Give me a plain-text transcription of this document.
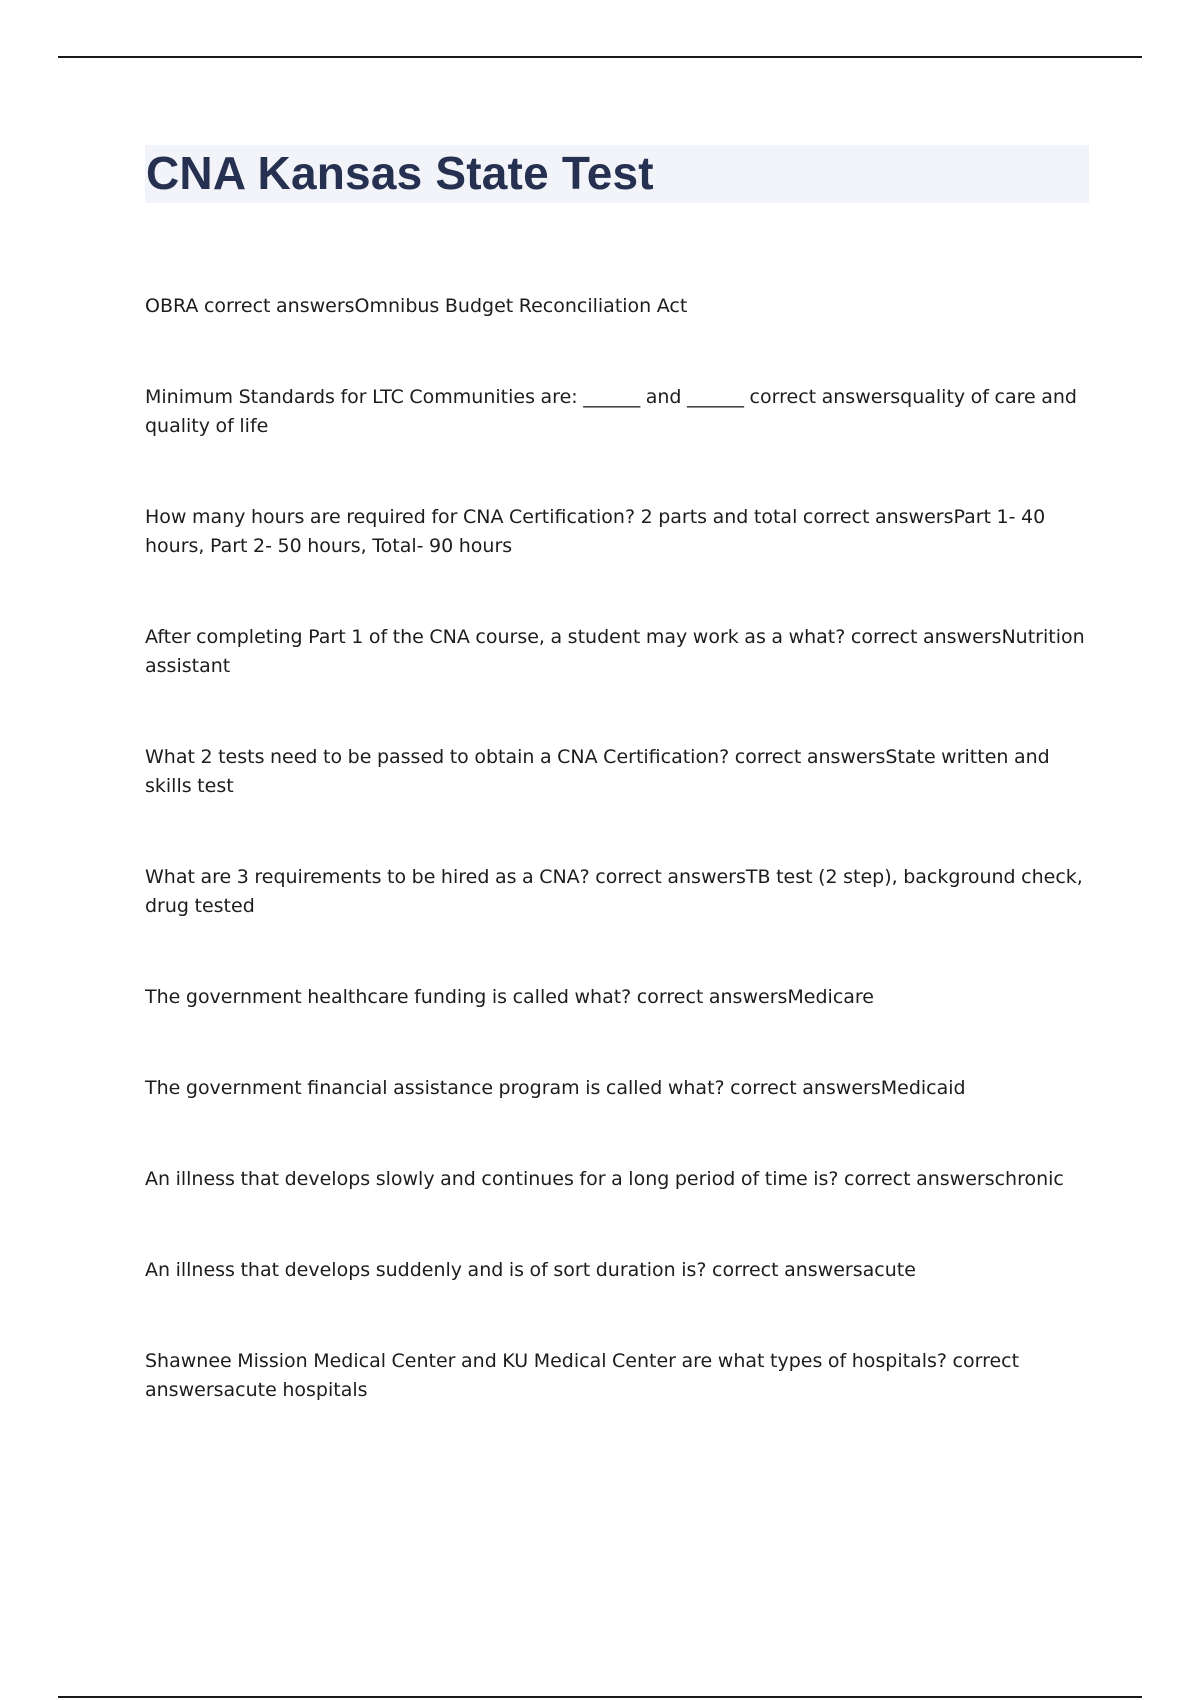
CNA Kansas State Test
OBRA correct answersOmnibus Budget Reconciliation Act
Minimum Standards for LTC Communities are: ______ and ______ correct answersquality of care and quality of life
How many hours are required for CNA Certification? 2 parts and total correct answersPart 1- 40 hours, Part 2- 50 hours, Total- 90 hours
After completing Part 1 of the CNA course, a student may work as a what? correct answersNutrition assistant
What 2 tests need to be passed to obtain a CNA Certification? correct answersState written and skills test
What are 3 requirements to be hired as a CNA? correct answersTB test (2 step), background check, drug tested
The government healthcare funding is called what? correct answersMedicare
The government financial assistance program is called what? correct answersMedicaid
An illness that develops slowly and continues for a long period of time is? correct answerschronic
An illness that develops suddenly and is of sort duration is? correct answersacute
Shawnee Mission Medical Center and KU Medical Center are what types of hospitals? correct answersacute hospitals
